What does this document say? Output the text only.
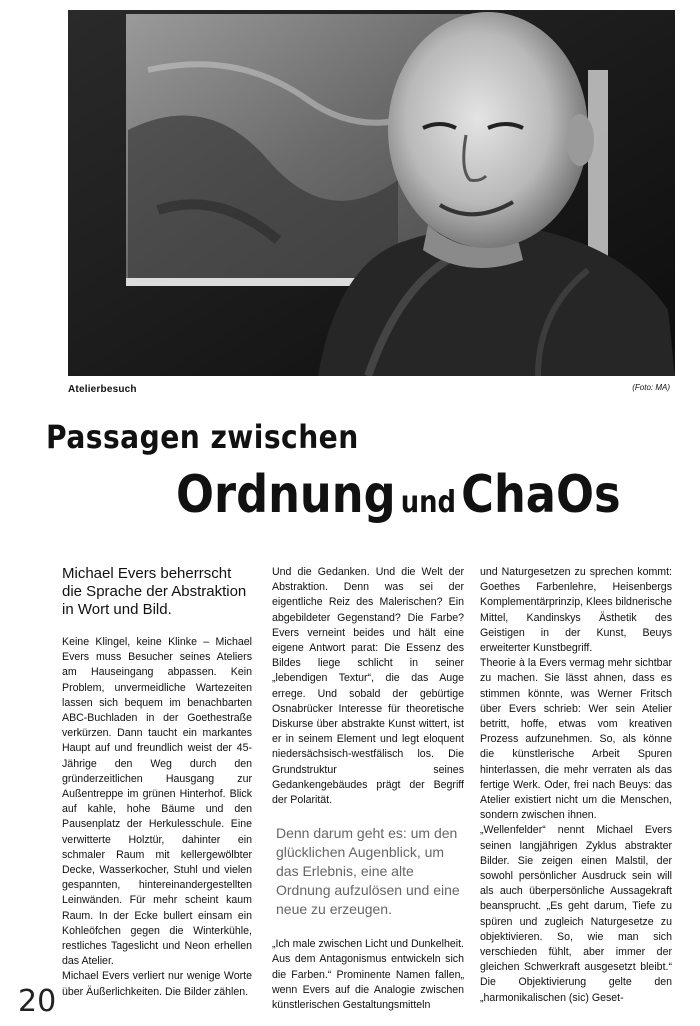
Atelierbesuch	(Foto: MA)
Passagen zwischen
Ordnung undChaOs

Michael Evers beherrscht die Sprache der Abstraktion in Wort und Bild.

Keine Klingel, keine Klinke – Michael Evers muss Besucher seines Ateliers am Hauseingang abpassen. Kein Problem, unvermeidliche Wartezeiten lassen sich bequem im benachbarten ABC-Buchladen in der Goethestraße verkürzen. Dann taucht ein markantes Haupt auf und freundlich weist der 45-Jährige den Weg durch den gründerzeitlichen Hausgang zur Außentreppe im grünen Hinterhof. Blick auf kahle, hohe Bäume und den Pausenplatz der Herkulesschule. Eine verwitterte Holztür, dahinter ein schmaler Raum mit kellergewölbter Decke, Wasserkocher, Stuhl und vielen gespannten, hintereinandergestellten Leinwänden. Für mehr scheint kaum Raum. In der Ecke bullert einsam ein Kohleöfchen gegen die Winterkühle, restliches Tageslicht und Neon erhellen das Atelier.

Michael Evers verliert nur wenige Worte über Äußerlichkeiten. Die Bilder zählen.

Und die Gedanken. Und die Welt der Abstraktion. Denn was sei der eigentliche Reiz des Malerischen? Ein abgebildeter Gegenstand? Die Farbe? Evers verneint beides und hält eine eigene Antwort parat: Die Essenz des Bildes liege schlicht in seiner „lebendigen Textur“, die das Auge errege. Und sobald der gebürtige Osnabrücker Interesse für theoretische Diskurse über abstrakte Kunst wittert, ist er in seinem Element und legt eloquent niedersächsisch-westfälisch los. Die Grundstruktur seines Gedankengebäudes prägt der Begriff der Polarität.

Denn darum geht es: um den glücklichen Augenblick, um das Erlebnis, eine alte Ordnung aufzulösen und eine neue zu erzeugen.

„Ich male zwischen Licht und Dunkelheit. Aus dem Antagonismus entwickeln sich die Farben.“ Prominente Namen fallen„ wenn Evers auf die Analogie zwischen künstlerischen Gestaltungsmitteln

und Naturgesetzen zu sprechen kommt: Goethes Farbenlehre, Heisenbergs Komplementärprinzip, Klees bildnerische Mittel, Kandinskys Ästhetik des Geistigen in der Kunst, Beuys erweiterter Kunstbegriff.

Theorie à la Evers vermag mehr sichtbar zu machen. Sie lässt ahnen, dass es stimmen könnte, was Werner Fritsch über Evers schrieb: Wer sein Atelier betritt, hoffe, etwas vom kreativen Prozess aufzunehmen. So, als könne die künstlerische Arbeit Spuren hinterlassen, die mehr verraten als das fertige Werk. Oder, frei nach Beuys: das Atelier existiert nicht um die Menschen, sondern zwischen ihnen.

„Wellenfelder“ nennt Michael Evers seinen langjährigen Zyklus abstrakter Bilder. Sie zeigen einen Malstil, der sowohl persönlicher Ausdruck sein will als auch überpersönliche Aussagekraft beansprucht. „Es geht darum, Tiefe zu spüren und zugleich Naturgesetze zu objektivieren. So, wie man sich verschieden fühlt, aber immer der gleichen Schwerkraft ausgesetzt bleibt.“ Die Objektivierung gelte den „harmonikalischen (sic) Geset-

20
